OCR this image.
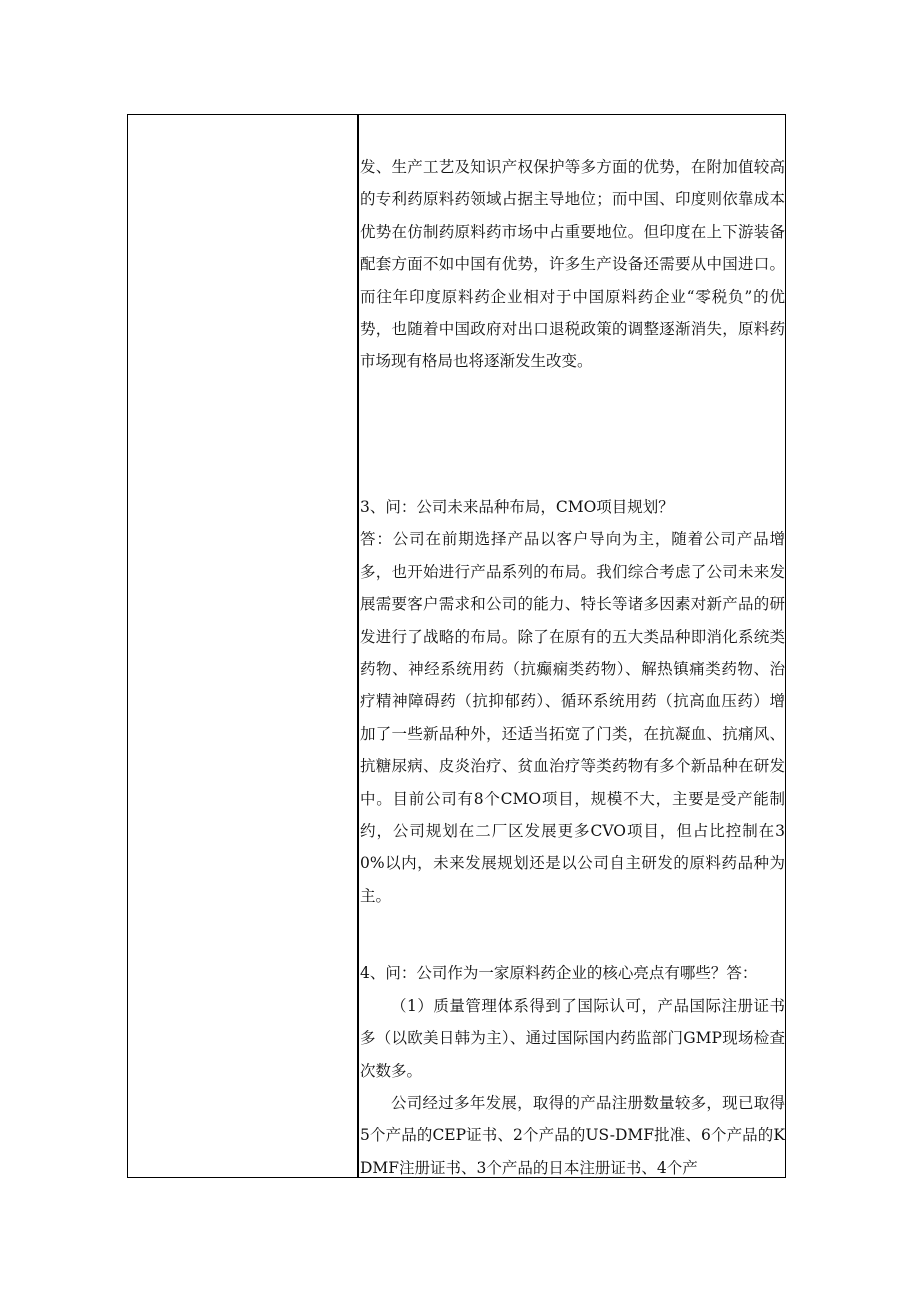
发、生产工艺及知识产权保护等多方面的优势，在附加值较高的专利药原料药领域占据主导地位；而中国、印度则依靠成本优势在仿制药原料药市场中占重要地位。但印度在上下游装备配套方面不如中国有优势，许多生产设备还需要从中国进口。而往年印度原料药企业相对于中国原料药企业“零税负”的优势，也随着中国政府对出口退税政策的调整逐渐消失，原料药市场现有格局也将逐渐发生改变。

3、问：公司未来品种布局，CMO项目规划？
答：公司在前期选择产品以客户导向为主，随着公司产品增多，也开始进行产品系列的布局。我们综合考虑了公司未来发展需要客户需求和公司的能力、特长等诸多因素对新产品的研发进行了战略的布局。除了在原有的五大类品种即消化系统类药物、神经系统用药（抗癫痫类药物）、解热镇痛类药物、治疗精神障碍药（抗抑郁药）、循环系统用药（抗高血压药）增加了一些新品种外，还适当拓宽了门类，在抗凝血、抗痛风、抗糖尿病、皮炎治疗、贫血治疗等类药物有多个新品种在研发中。目前公司有8个CMO项目，规模不大，主要是受产能制约，公司规划在二厂区发展更多CVO项目，但占比控制在30%以内，未来发展规划还是以公司自主研发的原料药品种为主。

4、问：公司作为一家原料药企业的核心亮点有哪些？答：

（1）质量管理体系得到了国际认可，产品国际注册证书多（以欧美日韩为主）、通过国际国内药监部门GMP现场检查次数多。

公司经过多年发展，取得的产品注册数量较多，现已取得5个产品的CEP证书、2个产品的US-DMF批准、6个产品的KDMF注册证书、3个产品的日本注册证书、4个产
